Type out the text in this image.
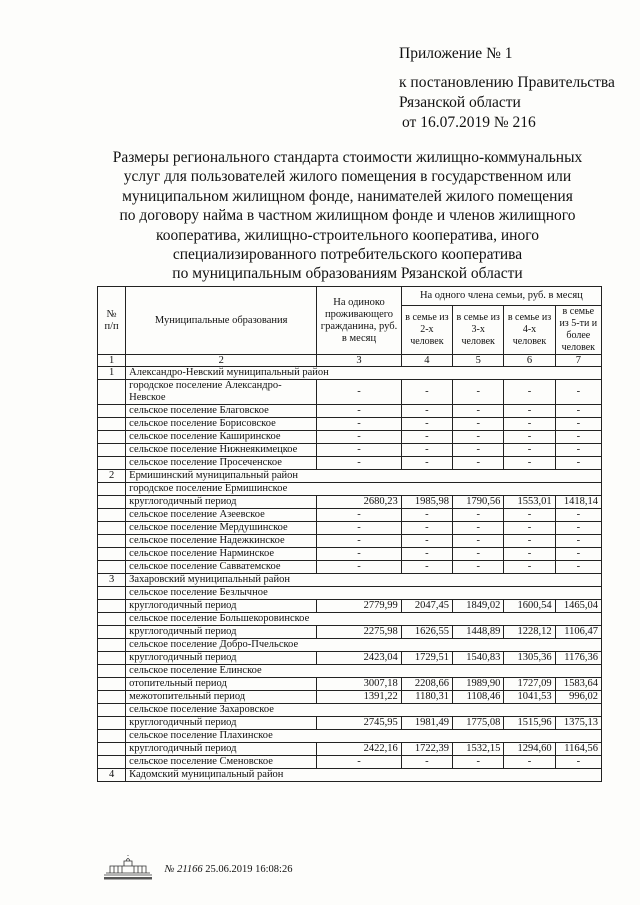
Приложение № 1
к постановлению Правительства
Рязанской области
от 16.07.2019 № 216
Размеры регионального стандарта стоимости жилищно-коммунальных
услуг для пользователей жилого помещения в государственном или
муниципальном жилищном фонде, нанимателей жилого помещения
по договору найма в частном жилищном фонде и членов жилищного
кооператива, жилищно-строительного кооператива, иного
специализированного потребительского кооператива
по муниципальным образованиям Рязанской области
№ п/п	Муниципальные образования	На одиноко проживающего гражданина, руб. в месяц	На одного члена семьи, руб. в месяц			
			в семье из 2-х человек	в семье из 3-х человек	в семье из 4-х человек	в семье из 5-ти и более человек
1	2	3	4	5	6	7
1	Александро-Невский муниципальный район					
	городское поселение Александро-Невское	-	-	-	-	-
	сельское поселение Благовское	-	-	-	-	-
	сельское поселение Борисовское	-	-	-	-	-
	сельское поселение Каширинское	-	-	-	-	-
	сельское поселение Нижнеякимецкое	-	-	-	-	-
	сельское поселение Просеченское	-	-	-	-	-
2	Ермишинский муниципальный район					
	городское поселение Ермишинское					
	круглогодичный период	2680,23	1985,98	1790,56	1553,01	1418,14
	сельское поселение Азеевское	-	-	-	-	-
	сельское поселение Мердушинское	-	-	-	-	-
	сельское поселение Надежкинское	-	-	-	-	-
	сельское поселение Нарминское	-	-	-	-	-
	сельское поселение Савватемское	-	-	-	-	-
3	Захаровский муниципальный район					
	сельское поселение Безлычное					
	круглогодичный период	2779,99	2047,45	1849,02	1600,54	1465,04
	сельское поселение Большекоровинское					
	круглогодичный период	2275,98	1626,55	1448,89	1228,12	1106,47
	сельское поселение Добро-Пчельское					
	круглогодичный период	2423,04	1729,51	1540,83	1305,36	1176,36
	сельское поселение Елинское					
	отопительный период	3007,18	2208,66	1989,90	1727,09	1583,64
	межотопительный период	1391,22	1180,31	1108,46	1041,53	996,02
	сельское поселение Захаровское					
	круглогодичный период	2745,95	1981,49	1775,08	1515,96	1375,13
	сельское поселение Плахинское					
	круглогодичный период	2422,16	1722,39	1532,15	1294,60	1164,56
	сельское поселение Сменовское	-	-	-	-	-
4	Кадомский муниципальный район					
№ 21166 25.06.2019 16:08:26
